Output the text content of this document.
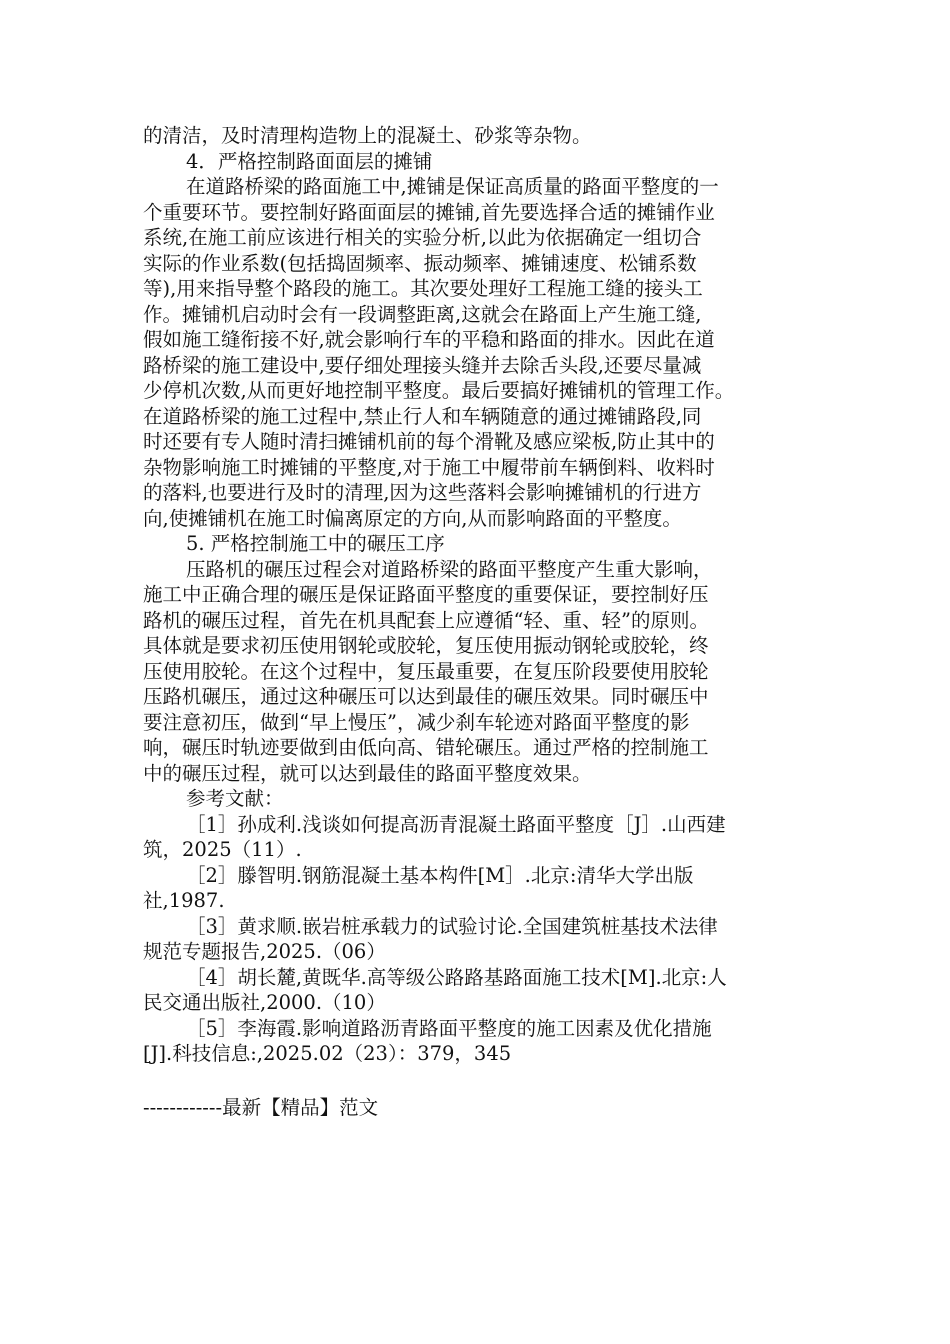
的清洁，及时清理构造物上的混凝土、砂浆等杂物。
4．严格控制路面面层的摊铺
在道路桥梁的路面施工中,摊铺是保证高质量的路面平整度的一
个重要环节。要控制好路面面层的摊铺,首先要选择合适的摊铺作业
系统,在施工前应该进行相关的实验分析,以此为依据确定一组切合
实际的作业系数(包括捣固频率、振动频率、摊铺速度、松铺系数
等),用来指导整个路段的施工。其次要处理好工程施工缝的接头工
作。摊铺机启动时会有一段调整距离,这就会在路面上产生施工缝,
假如施工缝衔接不好,就会影响行车的平稳和路面的排水。因此在道
路桥梁的施工建设中,要仔细处理接头缝并去除舌头段,还要尽量减
少停机次数,从而更好地控制平整度。最后要搞好摊铺机的管理工作。
在道路桥梁的施工过程中,禁止行人和车辆随意的通过摊铺路段,同
时还要有专人随时清扫摊铺机前的每个滑靴及感应梁板,防止其中的
杂物影响施工时摊铺的平整度,对于施工中履带前车辆倒料、收料时
的落料,也要进行及时的清理,因为这些落料会影响摊铺机的行进方
向,使摊铺机在施工时偏离原定的方向,从而影响路面的平整度。
5. 严格控制施工中的碾压工序
压路机的碾压过程会对道路桥梁的路面平整度产生重大影响，
施工中正确合理的碾压是保证路面平整度的重要保证，要控制好压
路机的碾压过程，首先在机具配套上应遵循“轻、重、轻”的原则。
具体就是要求初压使用钢轮或胶轮，复压使用振动钢轮或胶轮，终
压使用胶轮。在这个过程中，复压最重要，在复压阶段要使用胶轮
压路机碾压，通过这种碾压可以达到最佳的碾压效果。同时碾压中
要注意初压，做到“早上慢压”，减少刹车轮迹对路面平整度的影
响，碾压时轨迹要做到由低向高、错轮碾压。通过严格的控制施工
中的碾压过程，就可以达到最佳的路面平整度效果。
参考文献：
［1］孙成利.浅谈如何提高沥青混凝土路面平整度［J］.山西建
筑，2025（11）.
［2］滕智明.钢筋混凝土基本构件[M］.北京:清华大学出版
社,1987.
［3］黄求顺.嵌岩桩承载力的试验讨论.全国建筑桩基技术法律
规范专题报告,2025.（06）
［4］胡长麓,黄既华.高等级公路路基路面施工技术[M].北京:人
民交通出版社,2000.（10）
［5］李海霞.影响道路沥青路面平整度的施工因素及优化措施
[J].科技信息:,2025.02（23）：379，345
------------最新【精品】范文
